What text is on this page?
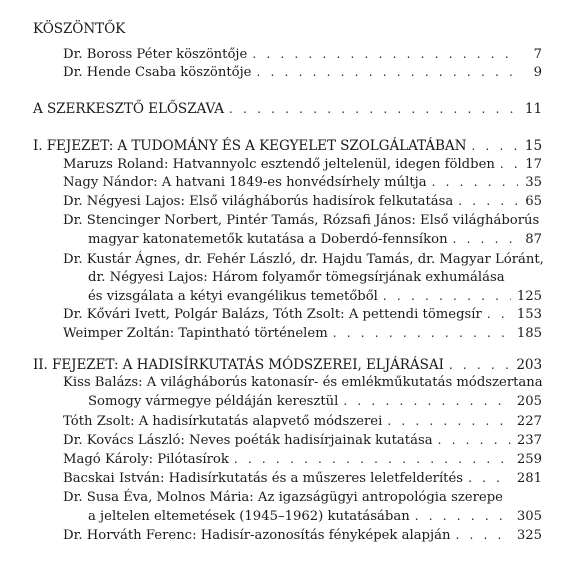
KÖSZÖNTŐK
Dr. Boross Péter köszöntője . . .	7
Dr. Hende Csaba köszöntője . . .	9
A SZERKESZTŐ ELŐSZAVA . . .	11
I. FEJEZET: A TUDOMÁNY ÉS A KEGYELET SZOLGÁLATÁBAN . . .	15
Maruzs Roland: Hatvannyolc esztendő jeltelenül, idegen földben . . . 17
Nagy Nándor: A hatvani 1849-es honvédsírhely múltja . . .	35
Dr. Négyesi Lajos: Első világháborús hadisírok felkutatása . . .	65
Dr. Stencinger Norbert, Pintér Tamás, Rózsafi János: Első világháborús
magyar katonatemetők kutatása a Doberdó-fennsíkon . . .	87
Dr. Kustár Ágnes, dr. Fehér László, dr. Hajdu Tamás, dr. Magyar Lóránt,
dr. Négyesi Lajos: Három folyamőr tömegsírjának exhumálása
és vizsgálata a kétyi evangélikus temetőből . . .	125
Dr. Kővári Ivett, Polgár Balázs, Tóth Zsolt: A pettendi tömegsír . . .	153
Weimper Zoltán: Tapintható történelem . . .	185
II. FEJEZET: A HADISÍRKUTATÁS MÓDSZEREI, ELJÁRÁSAI . . .	203
Kiss Balázs: A világháborús katonasír- és emlékműkutatás módszertana
Somogy vármegye példáján keresztül . . .	205
Tóth Zsolt: A hadisírkutatás alapvető módszerei . . .	227
Dr. Kovács László: Neves poéták hadisírjainak kutatása . . .	237
Magó Károly: Pilótasírok . . .	259
Bacskai István: Hadisírkutatás és a műszeres leletfelderítés . . .	281
Dr. Susa Éva, Molnos Mária: Az igazságügyi antropológia szerepe
a jeltelen eltemetések (1945–1962) kutatásában . . .	305
Dr. Horváth Ferenc: Hadisír-azonosítás fényképek alapján . . .	325
